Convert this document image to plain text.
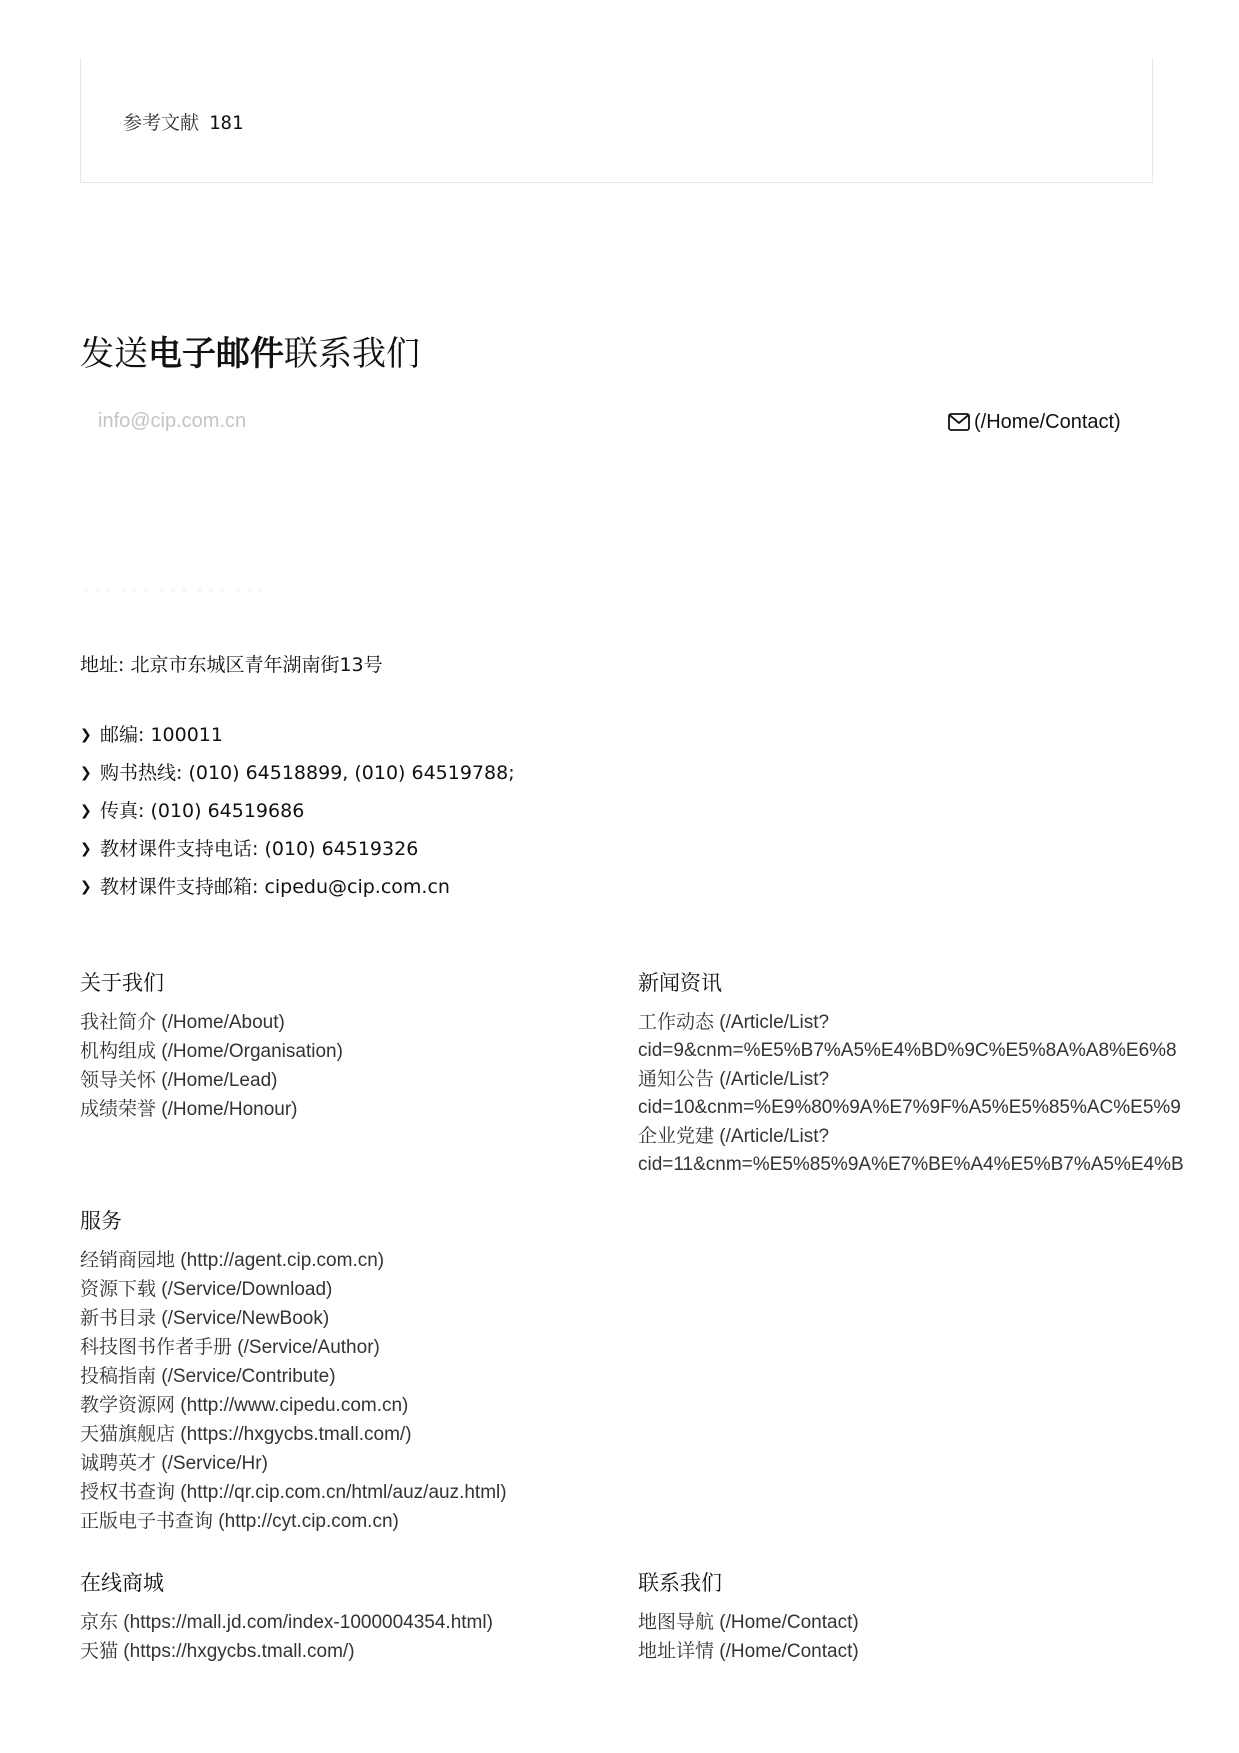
参考文献 181
发送电子邮件联系我们
info@cip.com.cn
(/Home/Contact)
……………
地址: 北京市东城区青年湖南街13号
❯ 邮编: 100011
❯ 购书热线: (010) 64518899, (010) 64519788;
❯ 传真: (010) 64519686
❯ 教材课件支持电话: (010) 64519326
❯ 教材课件支持邮箱: cipedu@cip.com.cn
关于我们
我社简介 (/Home/About)
机构组成 (/Home/Organisation)
领导关怀 (/Home/Lead)
成绩荣誉 (/Home/Honour)
新闻资讯
工作动态 (/Article/List?
cid=9&cnm=%E5%B7%A5%E4%BD%9C%E5%8A%A8%E6%8
通知公告 (/Article/List?
cid=10&cnm=%E9%80%9A%E7%9F%A5%E5%85%AC%E5%9
企业党建 (/Article/List?
cid=11&cnm=%E5%85%9A%E7%BE%A4%E5%B7%A5%E4%B
服务
经销商园地 (http://agent.cip.com.cn)
资源下载 (/Service/Download)
新书目录 (/Service/NewBook)
科技图书作者手册 (/Service/Author)
投稿指南 (/Service/Contribute)
教学资源网 (http://www.cipedu.com.cn)
天猫旗舰店 (https://hxgycbs.tmall.com/)
诚聘英才 (/Service/Hr)
授权书查询 (http://qr.cip.com.cn/html/auz/auz.html)
正版电子书查询 (http://cyt.cip.com.cn)
在线商城
京东 (https://mall.jd.com/index-1000004354.html)
天猫 (https://hxgycbs.tmall.com/)
联系我们
地图导航 (/Home/Contact)
地址详情 (/Home/Contact)
